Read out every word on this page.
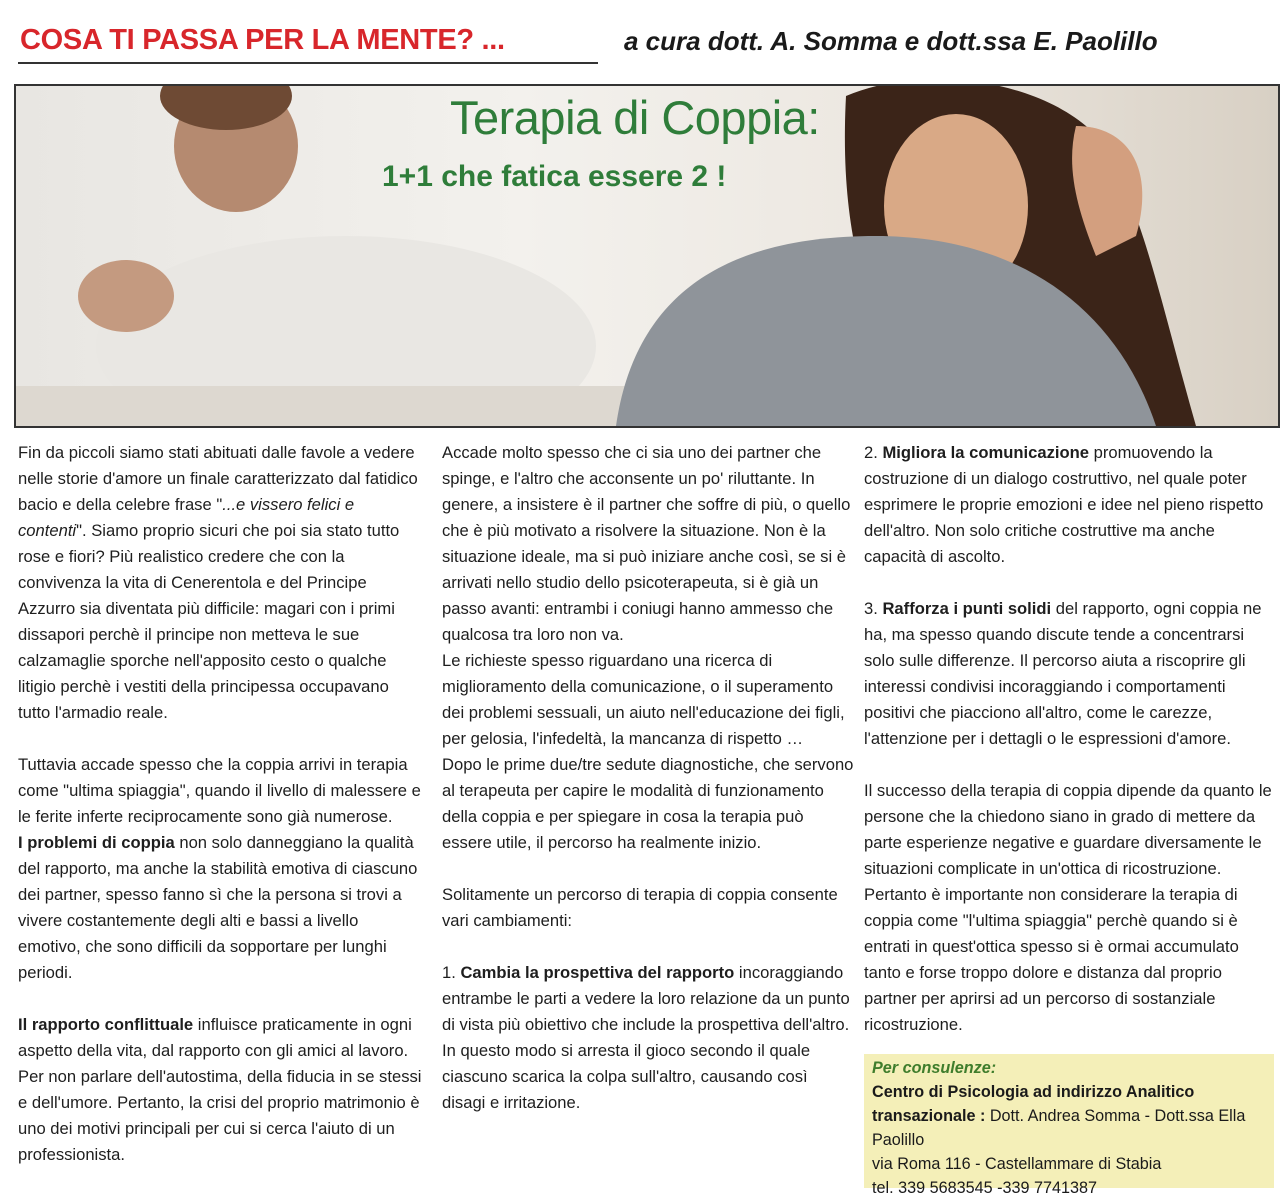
COSA TI PASSA PER LA MENTE? ...	a cura dott. A. Somma e dott.ssa E. Paolillo
Terapia di Coppia:
1+1 che fatica essere 2 !

Fin da piccoli siamo stati abituati dalle favole a vedere nelle storie d'amore un finale caratterizzato dal fatidico bacio e della celebre frase "...e vissero felici e contenti". Siamo proprio sicuri che poi sia stato tutto rose e fiori? Più realistico credere che con la convivenza la vita di Cenerentola e del Principe Azzurro sia diventata più difficile: magari con i primi dissapori perchè il principe non metteva le sue calzamaglie sporche nell'apposito cesto o qualche litigio perchè i vestiti della principessa occupavano tutto l'armadio reale.

Tuttavia accade spesso che la coppia arrivi in terapia come "ultima spiaggia", quando il livello di malessere e le ferite inferte reciprocamente sono già numerose.

I problemi di coppia non solo danneggiano la qualità del rapporto, ma anche la stabilità emotiva di ciascuno dei partner, spesso fanno sì che la persona si trovi a vivere costantemente degli alti e bassi a livello emotivo, che sono difficili da sopportare per lunghi periodi.

Il rapporto conflittuale influisce praticamente in ogni aspetto della vita, dal rapporto con gli amici al lavoro. Per non parlare dell'autostima, della fiducia in se stessi e dell'umore. Pertanto, la crisi del proprio matrimonio è uno dei motivi principali per cui si cerca l'aiuto di un professionista.

Accade molto spesso che ci sia uno dei partner che spinge, e l'altro che acconsente un po' riluttante. In genere, a insistere è il partner che soffre di più, o quello che è più motivato a risolvere la situazione. Non è la situazione ideale, ma si può iniziare anche così, se si è arrivati nello studio dello psicoterapeuta, si è già un passo avanti: entrambi i coniugi hanno ammesso che qualcosa tra loro non va.

Le richieste spesso riguardano una ricerca di miglioramento della comunicazione, o il superamento dei problemi sessuali, un aiuto nell'educazione dei figli, per gelosia, l'infedeltà, la mancanza di rispetto …

Dopo le prime due/tre sedute diagnostiche, che servono al terapeuta per capire le modalità di funzionamento della coppia e per spiegare in cosa la terapia può essere utile, il percorso ha realmente inizio.

Solitamente un percorso di terapia di coppia consente vari cambiamenti:

1. Cambia la prospettiva del rapporto incoraggiando entrambe le parti a vedere la loro relazione da un punto di vista più obiettivo che include la prospettiva dell'altro. In questo modo si arresta il gioco secondo il quale ciascuno scarica la colpa sull'altro, causando così disagi e irritazione.

2. Migliora la comunicazione promuovendo la costruzione di un dialogo costruttivo, nel quale poter esprimere le proprie emozioni e idee nel pieno rispetto dell'altro. Non solo critiche costruttive ma anche capacità di ascolto.

3. Rafforza i punti solidi del rapporto, ogni coppia ne ha, ma spesso quando discute tende a concentrarsi solo sulle differenze. Il percorso aiuta a riscoprire gli interessi condivisi incoraggiando i comportamenti positivi che piacciono all'altro, come le carezze, l'attenzione per i dettagli o le espressioni d'amore.

Il successo della terapia di coppia dipende da quanto le persone che la chiedono siano in grado di mettere da parte esperienze negative e guardare diversamente le situazioni complicate in un'ottica di ricostruzione. Pertanto è importante non considerare la terapia di coppia come "l'ultima spiaggia" perchè quando si è entrati in quest'ottica spesso si è ormai accumulato tanto e forse troppo dolore e distanza dal proprio partner per aprirsi ad un percorso di sostanziale ricostruzione.

Per consulenze:
Centro di Psicologia ad indirizzo Analitico transazionale : Dott. Andrea Somma - Dott.ssa Ella Paolillo
via Roma 116 - Castellammare di Stabia
tel. 339 5683545 -339 7741387
